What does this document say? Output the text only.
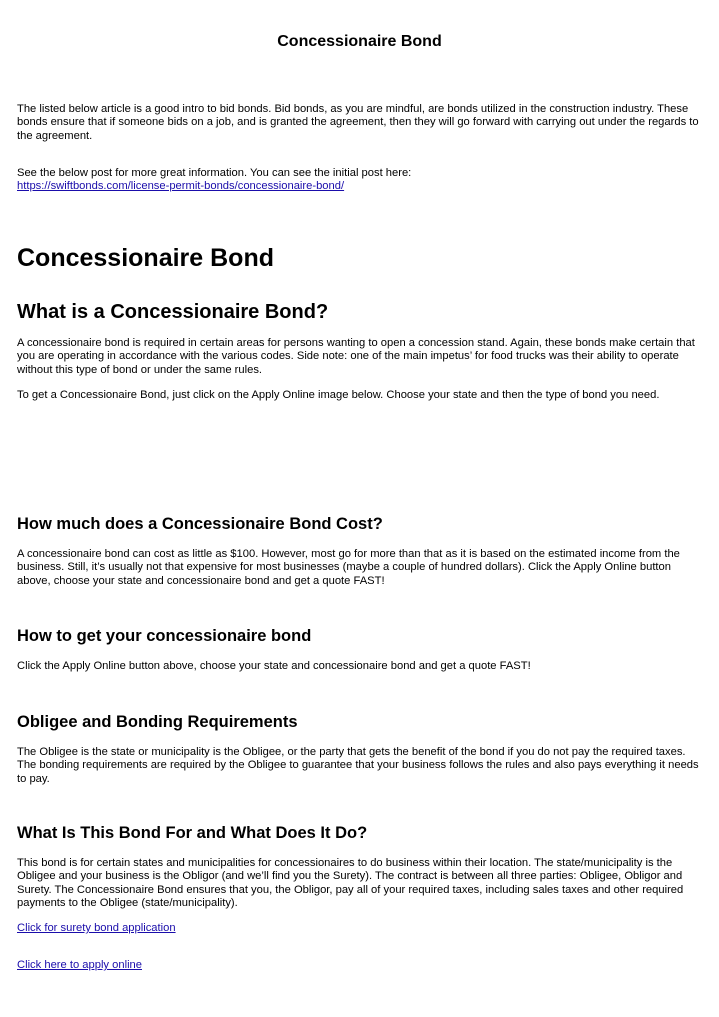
Concessionaire Bond

The listed below article is a good intro to bid bonds. Bid bonds, as you are mindful, are bonds utilized in the construction industry. These bonds ensure that if someone bids on a job, and is granted the agreement, then they will go forward with carrying out under the regards to the agreement.

See the below post for more great information. You can see the initial post here:
https://swiftbonds.com/license-permit-bonds/concessionaire-bond/
Concessionaire Bond
What is a Concessionaire Bond?

A concessionaire bond is required in certain areas for persons wanting to open a concession stand. Again, these bonds make certain that you are operating in accordance with the various codes. Side note: one of the main impetus’ for food trucks was their ability to operate without this type of bond or under the same rules.

To get a Concessionaire Bond, just click on the Apply Online image below. Choose your state and then the type of bond you need.

How much does a Concessionaire Bond Cost?

A concessionaire bond can cost as little as $100. However, most go for more than that as it is based on the estimated income from the business. Still, it’s usually not that expensive for most businesses (maybe a couple of hundred dollars). Click the Apply Online button above, choose your state and concessionaire bond and get a quote FAST!

How to get your concessionaire bond

Click the Apply Online button above, choose your state and concessionaire bond and get a quote FAST!

Obligee and Bonding Requirements

The Obligee is the state or municipality is the Obligee, or the party that gets the benefit of the bond if you do not pay the required taxes. The bonding requirements are required by the Obligee to guarantee that your business follows the rules and also pays everything it needs to pay.

What Is This Bond For and What Does It Do?

This bond is for certain states and municipalities for concessionaires to do business within their location. The state/municipality is the Obligee and your business is the Obligor (and we’ll find you the Surety). The contract is between all three parties: Obligee, Obligor and Surety. The Concessionaire Bond ensures that you, the Obligor, pay all of your required taxes, including sales taxes and other required payments to the Obligee (state/municipality).

Click for surety bond application
Click here to apply online
